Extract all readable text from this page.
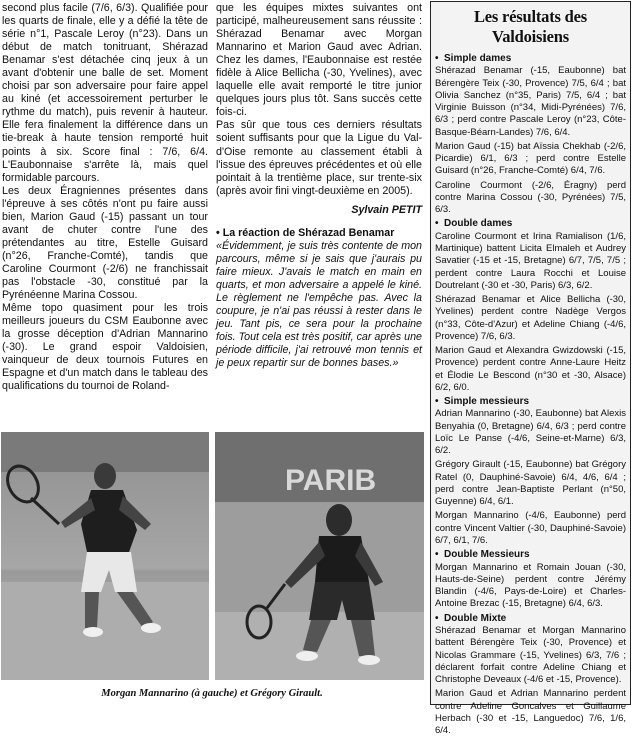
second plus facile (7/6, 6/3). Qualifiée pour les quarts de finale, elle y a défié la tête de série n°1, Pascale Leroy (n°23). Dans un début de match tonitruant, Shérazad Benamar s'est détachée cinq jeux à un avant d'obtenir une balle de set. Moment choisi par son adversaire pour faire appel au kiné (et accessoirement perturber le rythme du match), puis revenir à hauteur. Elle fera finalement la différence dans un tie-break à haute tension remporté huit points à six. Score final : 7/6, 6/4. L'Eaubonnaise s'arrête là, mais quel formidable parcours.

Les deux Éragniennes présentes dans l'épreuve à ses côtés n'ont pu faire aussi bien, Marion Gaud (-15) passant un tour avant de chuter contre l'une des prétendantes au titre, Estelle Guisard (n°26, Franche-Comté), tandis que Caroline Courmont (-2/6) ne franchissait pas l'obstacle -30, constitué par la Pyrénéenne Marina Cossou.

Même topo quasiment pour les trois meilleurs joueurs du CSM Eaubonne avec la grosse déception d'Adrian Mannarino (-30). Le grand espoir Valdoisien, vainqueur de deux tournois Futures en Espagne et d'un match dans le tableau des qualifications du tournoi de Roland-

que les équipes mixtes suivantes ont participé, malheureusement sans réussite : Shérazad Benamar avec Morgan Mannarino et Marion Gaud avec Adrian. Chez les dames, l'Eaubonnaise est restée fidèle à Alice Bellicha (-30, Yvelines), avec laquelle elle avait remporté le titre junior quelques jours plus tôt. Sans succès cette fois-ci.

Pas sûr que tous ces derniers résultats soient suffisants pour que la Ligue du Val-d'Oise remonte au classement établi à l'issue des épreuves précédentes et où elle pointait à la trentième place, sur trente-six (après avoir fini vingt-deuxième en 2005).

Sylvain PETIT

• La réaction de Shérazad Benamar

«Évidemment, je suis très contente de mon parcours, même si je sais que j'aurais pu faire mieux. J'avais le match en main en quarts, et mon adversaire a appelé le kiné. Le règlement ne l'empêche pas. Avec la coupure, je n'ai pas réussi à rester dans le jeu. Tant pis, ce sera pour la prochaine fois. Tout cela est très positif, car après une période difficile, j'ai retrouvé mon tennis et je peux repartir sur de bonnes bases.»

PARIB
Morgan Mannarino (à gauche) et Grégory Girault.
Les résultats des Valdoisiens
• Simple dames

Shérazad Benamar (-15, Eaubonne) bat Bérengère Teix (-30, Provence) 7/5, 6/4 ; bat Olivia Sanchez (n°35, Paris) 7/5, 6/4 ; bat Virginie Buisson (n°34, Midi-Pyrénées) 7/6, 6/3 ; perd contre Pascale Leroy (n°23, Côte-Basque-Béarn-Landes) 7/6, 6/4.

Marion Gaud (-15) bat Aïssia Chekhab (-2/6, Picardie) 6/1, 6/3 ; perd contre Estelle Guisard (n°26, Franche-Comté) 6/4, 7/6.

Caroline Courmont (-2/6, Éragny) perd contre Marina Cossou (-30, Pyrénées) 7/5, 6/3.

• Double dames

Caroline Courmont et Irina Ramialison (1/6, Martinique) battent Licita Elmaleh et Audrey Savatier (-15 et -15, Bretagne) 6/7, 7/5, 7/5 ; perdent contre Laura Rocchi et Louise Doutrelant (-30 et -30, Paris) 6/3, 6/2.

Shérazad Benamar et Alice Bellicha (-30, Yvelines) perdent contre Nadège Vergos (n°33, Côte-d'Azur) et Adeline Chiang (-4/6, Provence) 7/6, 6/3.

Marion Gaud et Alexandra Gwizdowski (-15, Provence) perdent contre Anne-Laure Heitz et Élodie Le Bescond (n°30 et -30, Alsace) 6/2, 6/0.

• Simple messieurs

Adrian Mannarino (-30, Eaubonne) bat Alexis Benyahia (0, Bretagne) 6/4, 6/3 ; perd contre Loïc Le Panse (-4/6, Seine-et-Marne) 6/3, 6/2.

Grégory Girault (-15, Eaubonne) bat Grégory Ratel (0, Dauphiné-Savoie) 6/4, 4/6, 6/4 ; perd contre Jean-Baptiste Perlant (n°50, Guyenne) 6/4, 6/1.

Morgan Mannarino (-4/6, Eaubonne) perd contre Vincent Valtier (-30, Dauphiné-Savoie) 6/7, 6/1, 7/6.

• Double Messieurs

Morgan Mannarino et Romain Jouan (-30, Hauts-de-Seine) perdent contre Jérémy Blandin (-4/6, Pays-de-Loire) et Charles-Antoine Brezac (-15, Bretagne) 6/4, 6/3.

• Double Mixte

Shérazad Benamar et Morgan Mannarino battent Bérengère Teix (-30, Provence) et Nicolas Grammare (-15, Yvelines) 6/3, 7/6 ; déclarent forfait contre Adeline Chiang et Christophe Deveaux (-4/6 et -15, Provence).

Marion Gaud et Adrian Mannarino perdent contre Adeline Goncalves et Guillaume Herbach (-30 et -15, Languedoc) 7/6, 1/6, 6/4.
